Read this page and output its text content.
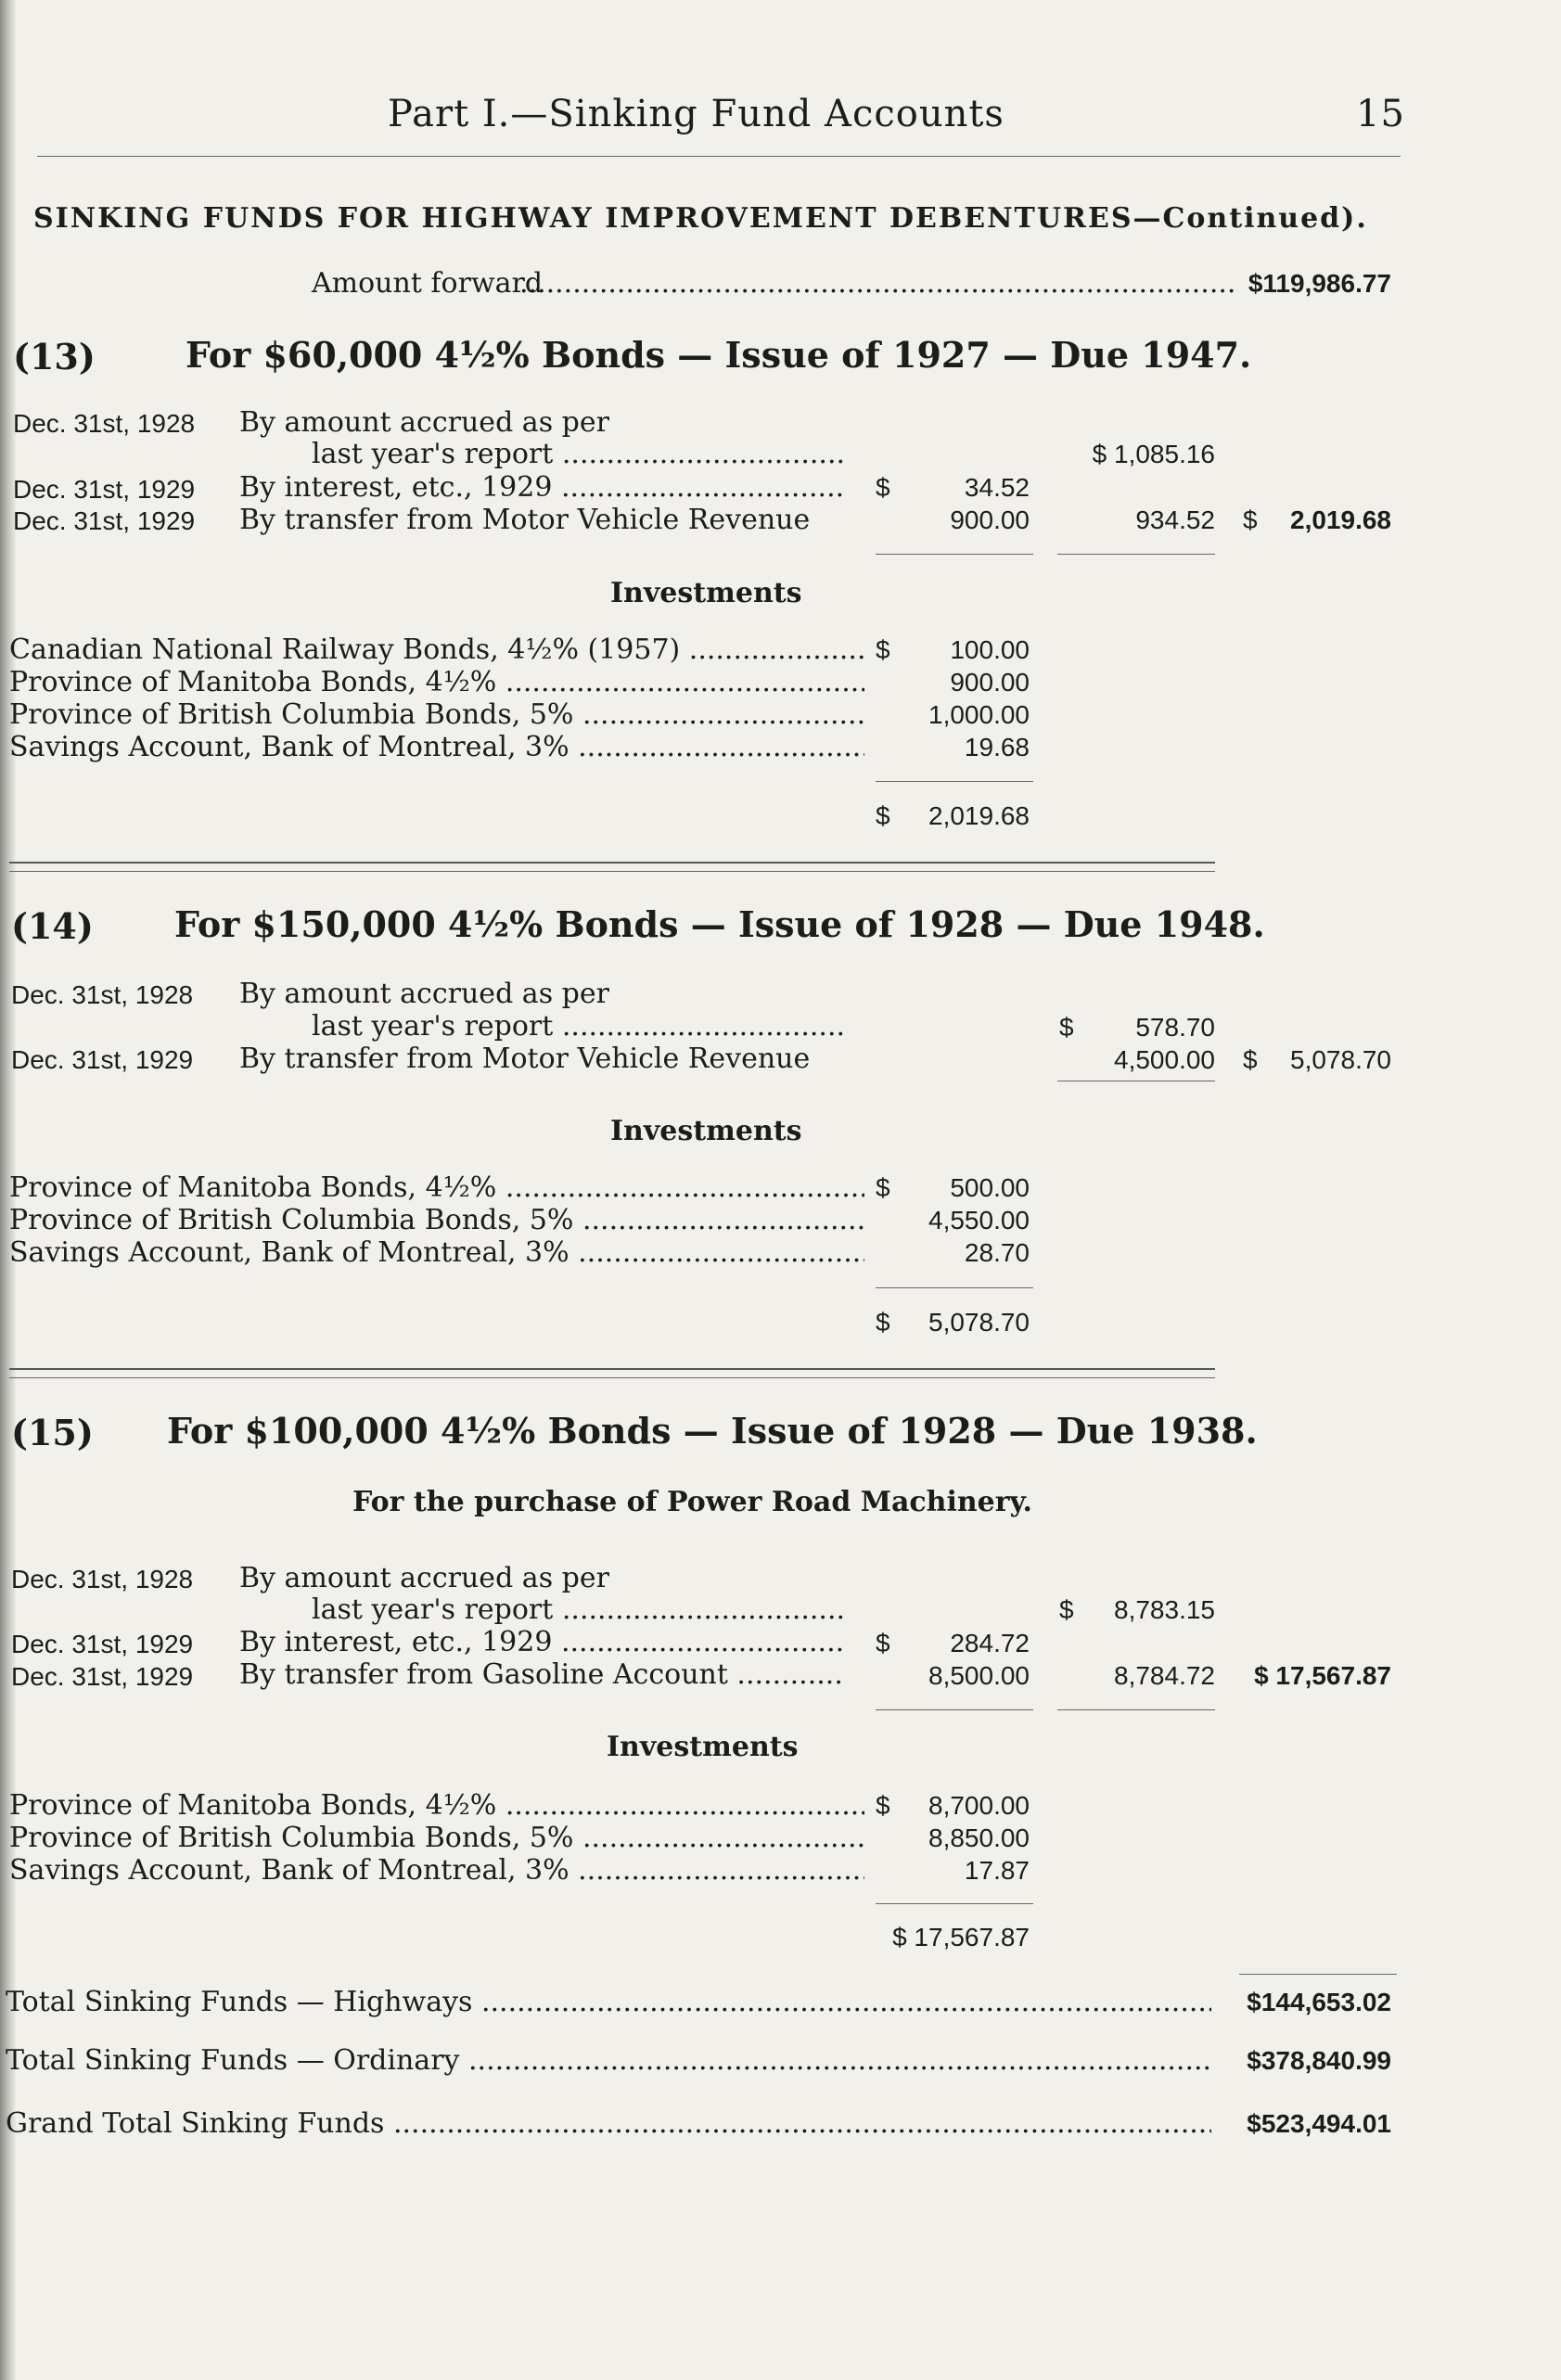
Part I.—Sinking Fund Accounts	15
SINKING FUNDS FOR HIGHWAY IMPROVEMENT DEBENTURES—Continued).
Amount forward
.....	$119,986.77
(13)	For $60,000 4½% Bonds — Issue of 1927 — Due 1947.
Dec. 31st, 1928 By amount accrued as per
last year's report .....	$ 1,085.16
Dec. 31st, 1929 By interest, etc., 1929 .....	$	34.52
Dec. 31st, 1929 By transfer from Motor Vehicle Revenue	900.00	934.52 $	2,019.68
Investments
Canadian National Railway Bonds, 4½% (1957) .....	$	100.00
Province of Manitoba Bonds, 4½% .....	900.00
Province of British Columbia Bonds, 5% .....	1,000.00
Savings Account, Bank of Montreal, 3% .....	19.68
$	2,019.68
(14) For $150,000 4½% Bonds — Issue of 1928 — Due 1948.
Dec. 31st, 1928 By amount accrued as per
last year's report .....	$	578.70
Dec. 31st, 1929 By transfer from Motor Vehicle Revenue	4,500.00 $	5,078.70
Investments
Province of Manitoba Bonds, 4½% .....	$	500.00
Province of British Columbia Bonds, 5% .....	4,550.00
Savings Account, Bank of Montreal, 3% .....	28.70
$	5,078.70
(15) For $100,000 4½% Bonds — Issue of 1928 — Due 1938.
For the purchase of Power Road Machinery.
Dec. 31st, 1928 By amount accrued as per
last year's report .....	$	8,783.15
Dec. 31st, 1929 By interest, etc., 1929 .....	$	284.72
Dec. 31st, 1929 By transfer from Gasoline Account .....	8,500.00	8,784.72	$ 17,567.87
Investments
Province of Manitoba Bonds, 4½% .....	$	8,700.00
Province of British Columbia Bonds, 5% .....	8,850.00
Savings Account, Bank of Montreal, 3% .....	17.87
$ 17,567.87
Total Sinking Funds — Highways .....	$144,653.02
Total Sinking Funds — Ordinary .....	$378,840.99
Grand Total Sinking Funds .....	$523,494.01
